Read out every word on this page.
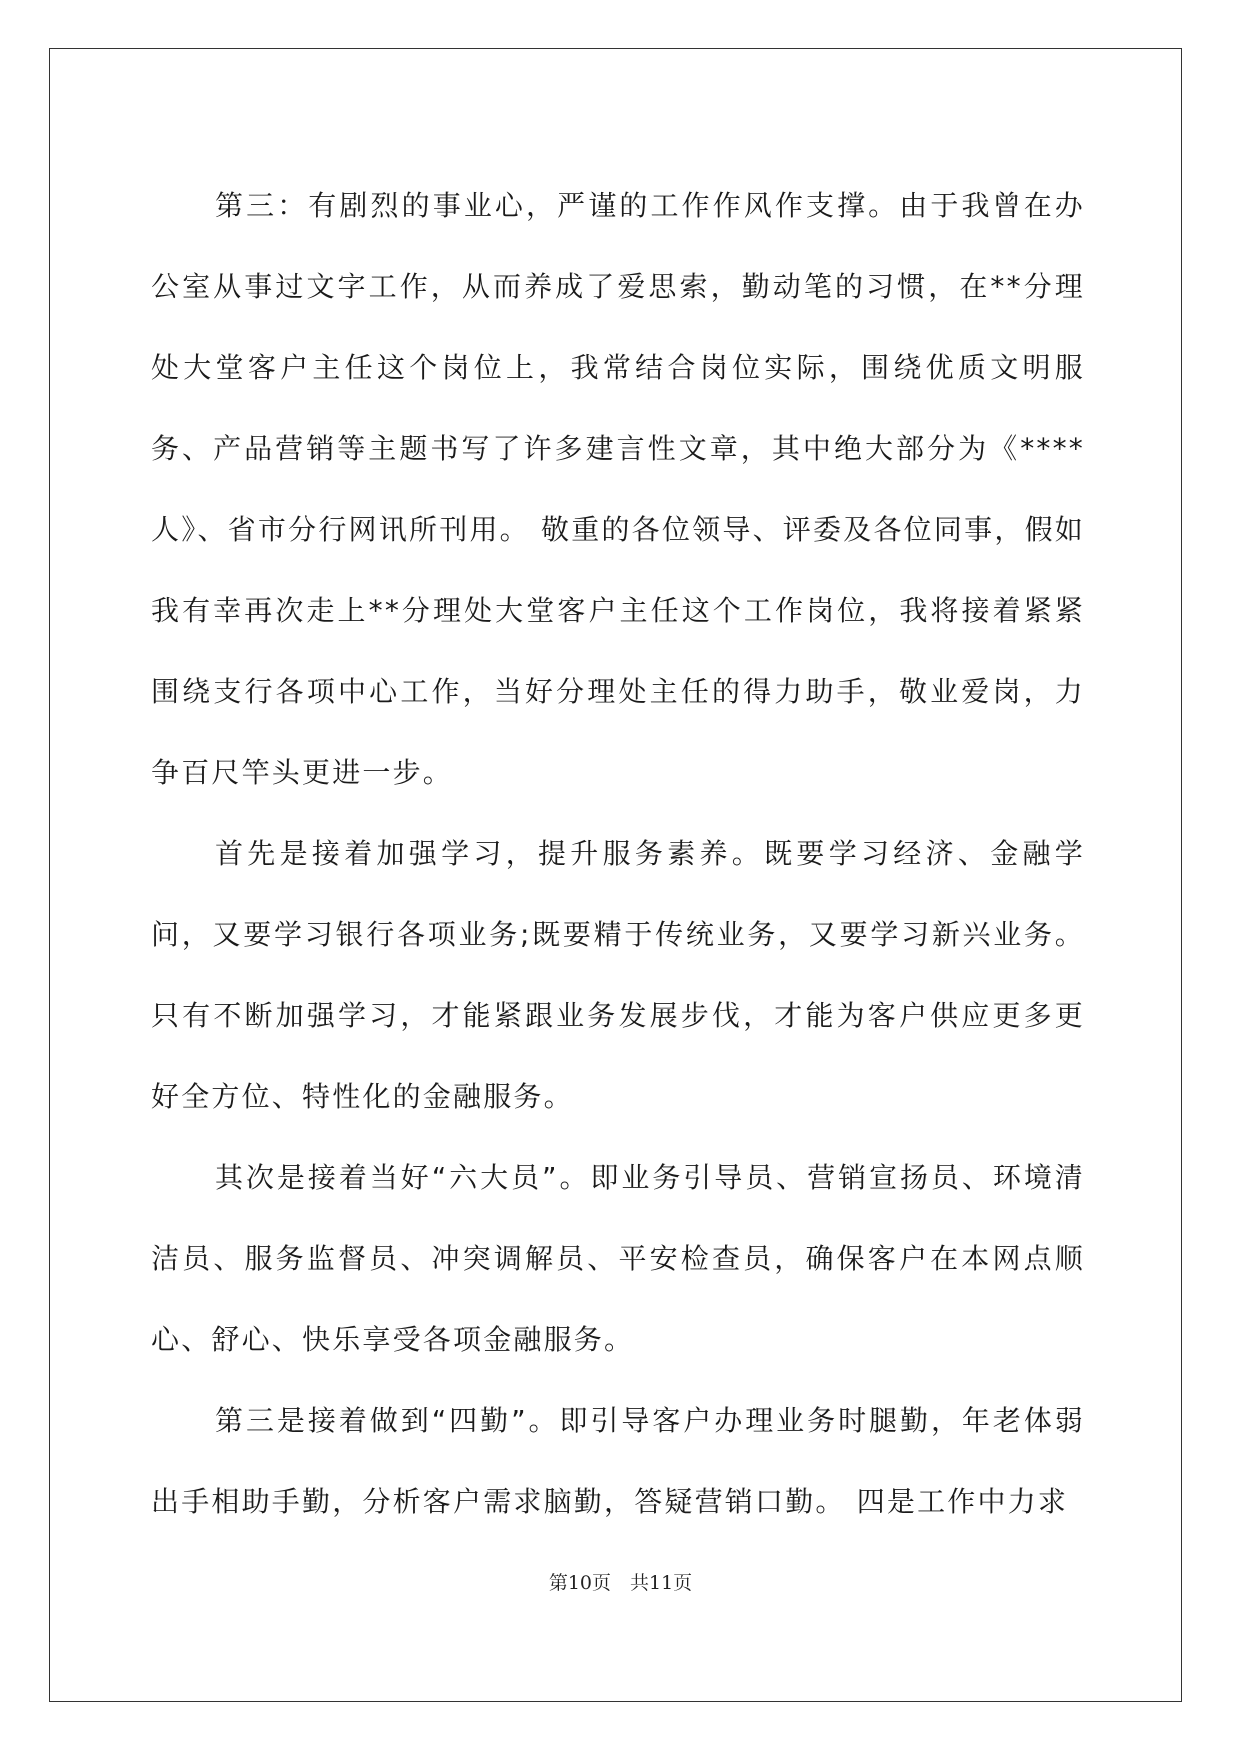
第三：有剧烈的事业心，严谨的工作作风作支撑。由于我曾在办公室从事过文字工作，从而养成了爱思索，勤动笔的习惯，在**分理处大堂客户主任这个岗位上，我常结合岗位实际，围绕优质文明服务、产品营销等主题书写了许多建言性文章，其中绝大部分为《****人》、省市分行网讯所刊用。 敬重的各位领导、评委及各位同事，假如我有幸再次走上**分理处大堂客户主任这个工作岗位，我将接着紧紧围绕支行各项中心工作，当好分理处主任的得力助手，敬业爱岗，力争百尺竿头更进一步。

首先是接着加强学习，提升服务素养。既要学习经济、金融学问，又要学习银行各项业务;既要精于传统业务，又要学习新兴业务。只有不断加强学习，才能紧跟业务发展步伐，才能为客户供应更多更好全方位、特性化的金融服务。

其次是接着当好“六大员”。即业务引导员、营销宣扬员、环境清洁员、服务监督员、冲突调解员、平安检查员，确保客户在本网点顺心、舒心、快乐享受各项金融服务。

第三是接着做到“四勤”。即引导客户办理业务时腿勤，年老体弱出手相助手勤，分析客户需求脑勤，答疑营销口勤。 四是工作中力求

第10页　共11页
